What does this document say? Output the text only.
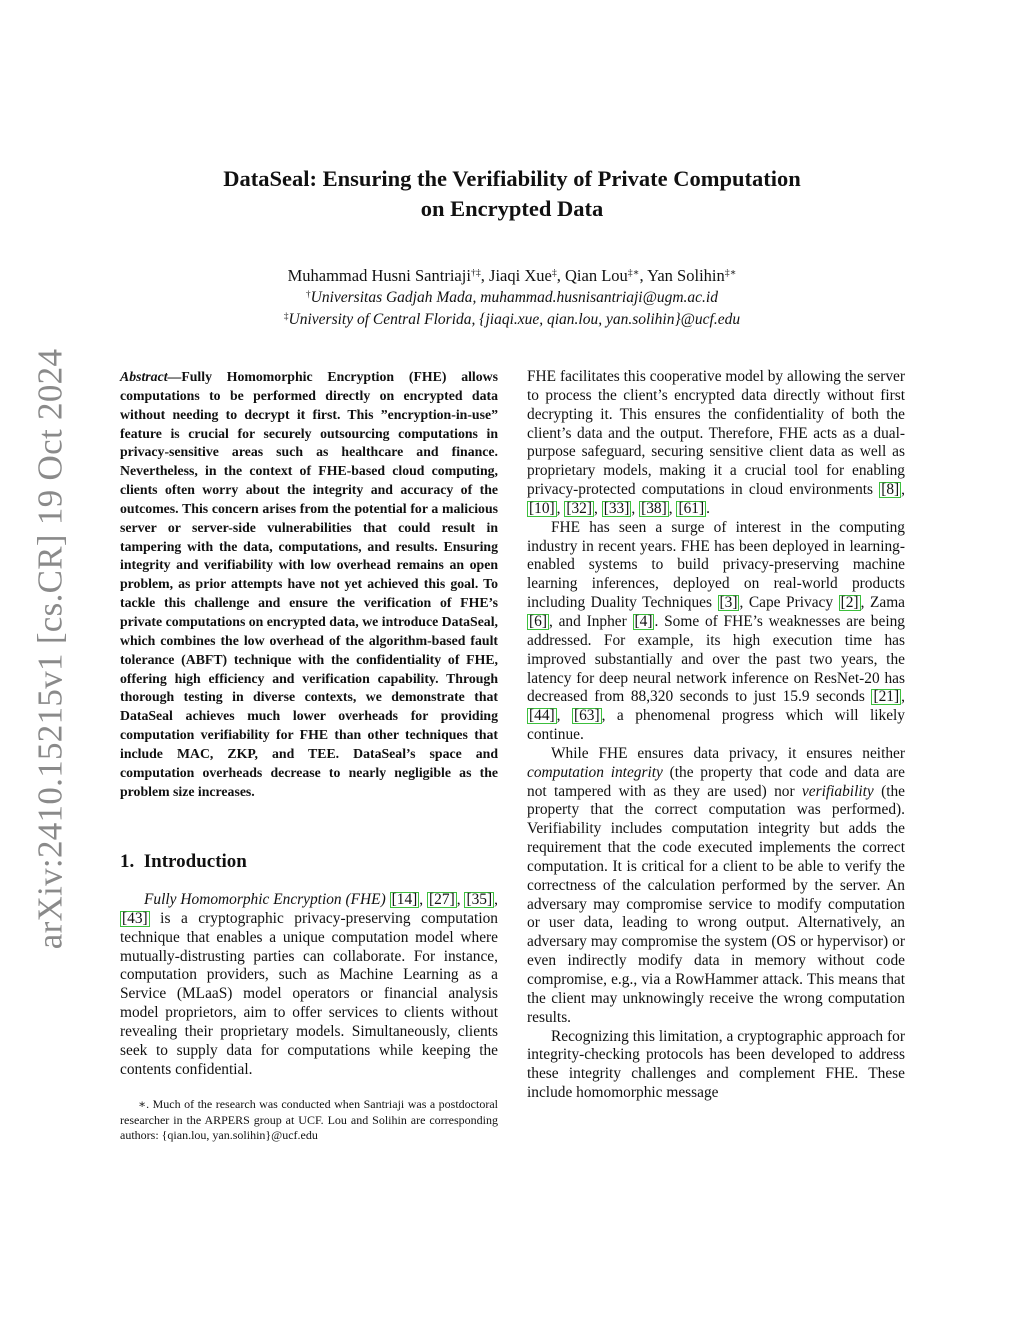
arXiv:2410.15215v1 [cs.CR] 19 Oct 2024
DataSeal: Ensuring the Verifiability of Private Computation
on Encrypted Data
Muhammad Husni Santriaji†‡, Jiaqi Xue‡, Qian Lou‡∗, Yan Solihin‡∗
†Universitas Gadjah Mada, muhammad.husnisantriaji@ugm.ac.id
‡University of Central Florida, {jiaqi.xue, qian.lou, yan.solihin}@ucf.edu
Abstract—Fully Homomorphic Encryption (FHE) allows computations to be performed directly on encrypted data without needing to decrypt it first. This ”encryption-in-use” feature is crucial for securely outsourcing computations in privacy-sensitive areas such as healthcare and finance. Nevertheless, in the context of FHE-based cloud computing, clients often worry about the integrity and accuracy of the outcomes. This concern arises from the potential for a malicious server or server-side vulnerabilities that could result in tampering with the data, computations, and results. Ensuring integrity and verifiability with low overhead remains an open problem, as prior attempts have not yet achieved this goal. To tackle this challenge and ensure the verification of FHE’s private computations on encrypted data, we introduce DataSeal, which combines the low overhead of the algorithm-based fault tolerance (ABFT) technique with the confidentiality of FHE, offering high efficiency and verification capability. Through thorough testing in diverse contexts, we demonstrate that DataSeal achieves much lower overheads for providing computation verifiability for FHE than other techniques that include MAC, ZKP, and TEE. DataSeal’s space and computation overheads decrease to nearly negligible as the problem size increases.
1. Introduction

Fully Homomorphic Encryption (FHE) [14] , [27] , [35] , [43] is a cryptographic privacy-preserving computation technique that enables a unique computation model where mutually-distrusting parties can collaborate. For instance, computation providers, such as Machine Learning as a Service (MLaaS) model operators or financial analysis model proprietors, aim to offer services to clients without revealing their proprietary models. Simultaneously, clients seek to supply data for computations while keeping the contents confidential.

∗. Much of the research was conducted when Santriaji was a postdoctoral researcher in the ARPERS group at UCF. Lou and Solihin are corresponding authors: {qian.lou, yan.solihin}@ucf.edu

FHE facilitates this cooperative model by allowing the server to process the client’s encrypted data directly without first decrypting it. This ensures the confidentiality of both the client’s data and the output. Therefore, FHE acts as a dual-purpose safeguard, securing sensitive client data as well as proprietary models, making it a crucial tool for enabling privacy-protected computations in cloud environments [8] , [10] , [32] , [33] , [38] , [61] .

FHE has seen a surge of interest in the computing industry in recent years. FHE has been deployed in learning-enabled systems to build privacy-preserving machine learning inferences, deployed on real-world products including Duality Techniques [3] , Cape Privacy [2] , Zama [6] , and Inpher [4] . Some of FHE’s weaknesses are being addressed. For example, its high execution time has improved substantially and over the past two years, the latency for deep neural network inference on ResNet-20 has decreased from 88,320 seconds to just 15.9 seconds [21] , [44] , [63] , a phenomenal progress which will likely continue.

While FHE ensures data privacy, it ensures neither computation integrity (the property that code and data are not tampered with as they are used) nor verifiability (the property that the correct computation was performed). Verifiability includes computation integrity but adds the requirement that the code executed implements the correct computation. It is critical for a client to be able to verify the correctness of the calculation performed by the server. An adversary may compromise service to modify computation or user data, leading to wrong output. Alternatively, an adversary may compromise the system (OS or hypervisor) or even indirectly modify data in memory without code compromise, e.g., via a RowHammer attack. This means that the client may unknowingly receive the wrong computation results.

Recognizing this limitation, a cryptographic approach for integrity-checking protocols has been developed to address these integrity challenges and complement FHE. These include homomorphic message
